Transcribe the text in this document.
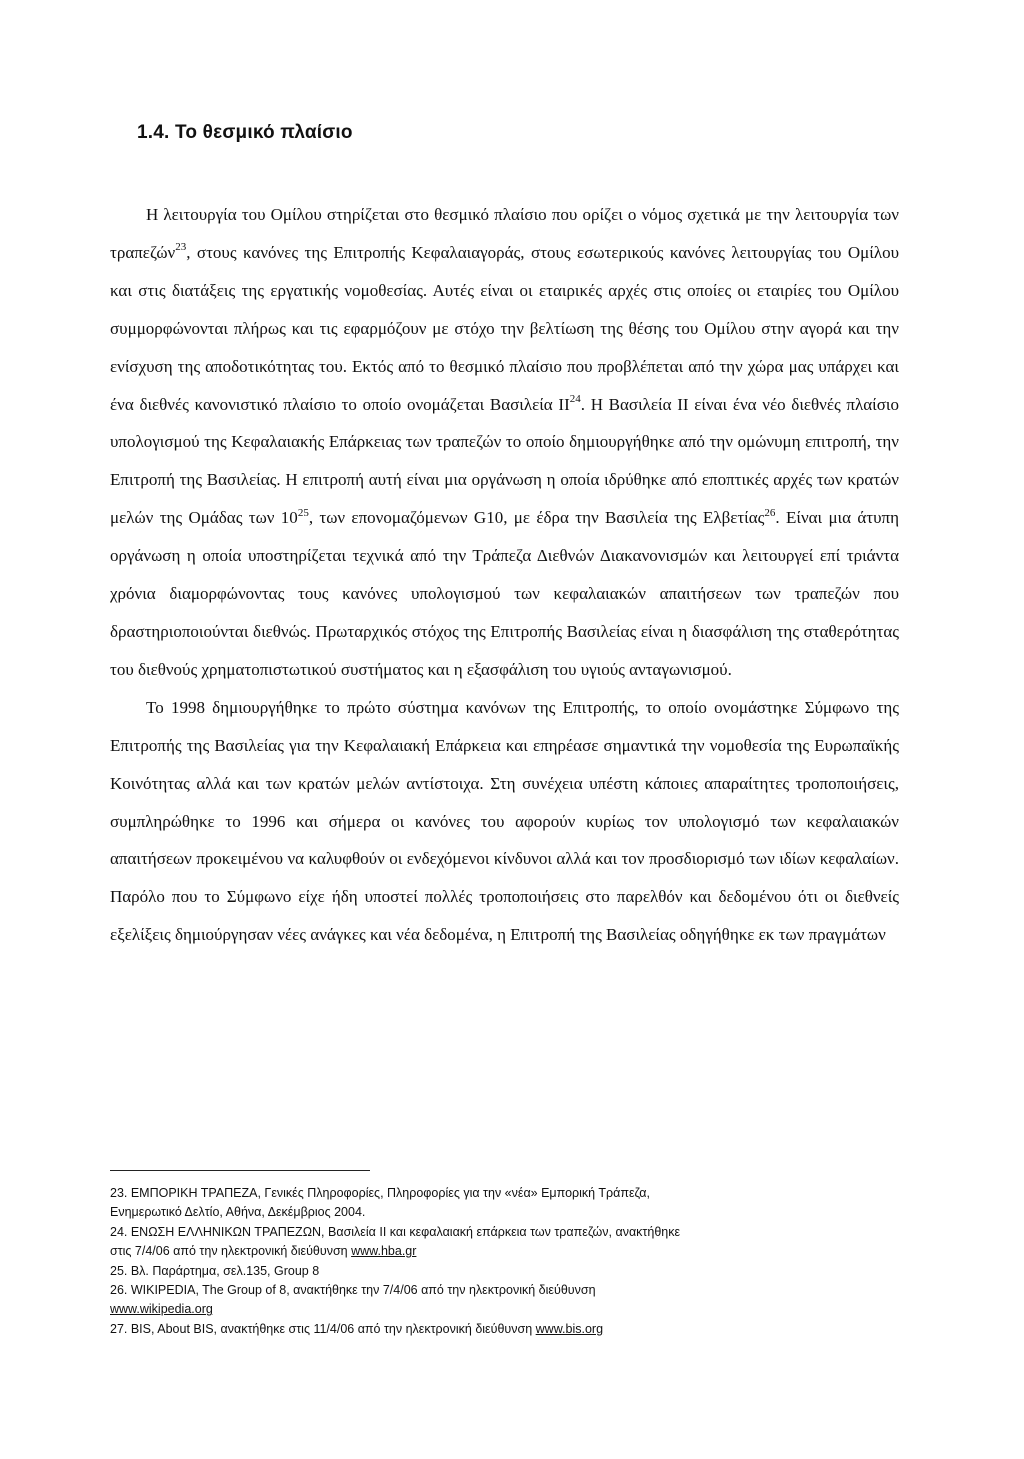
1.4. Το θεσμικό πλαίσιο

Η λειτουργία του Ομίλου στηρίζεται στο θεσμικό πλαίσιο που ορίζει ο νόμος σχετικά με την λειτουργία των τραπεζών$^{23}$, στους κανόνες της Επιτροπής Κεφαλαιαγοράς, στους εσωτερικούς κανόνες λειτουργίας του Ομίλου και στις διατάξεις της εργατικής νομοθεσίας. Αυτές είναι οι εταιρικές αρχές στις οποίες οι εταιρίες του Ομίλου συμμορφώνονται πλήρως και τις εφαρμόζουν με στόχο την βελτίωση της θέσης του Ομίλου στην αγορά και την ενίσχυση της αποδοτικότητας του. Εκτός από το θεσμικό πλαίσιο που προβλέπεται από την χώρα μας υπάρχει και ένα διεθνές κανονιστικό πλαίσιο το οποίο ονομάζεται Βασιλεία II$^{24}$. Η Βασιλεία II είναι ένα νέο διεθνές πλαίσιο υπολογισμού της Κεφαλαιακής Επάρκειας των τραπεζών το οποίο δημιουργήθηκε από την ομώνυμη επιτροπή, την Επιτροπή της Βασιλείας. Η επιτροπή αυτή είναι μια οργάνωση η οποία ιδρύθηκε από εποπτικές αρχές των κρατών μελών της Ομάδας των $10^{25}$, των επονομαζόμενων G10, με έδρα την Βασιλεία της Ελβετίας$^{26}$. Είναι μια άτυπη οργάνωση η οποία υποστηρίζεται τεχνικά από την Τράπεζα Διεθνών Διακανονισμών και λειτουργεί επί τριάντα χρόνια διαμορφώνοντας τους κανόνες υπολογισμού των κεφαλαιακών απαιτήσεων των τραπεζών που δραστηριοποιούνται διεθνώς. Πρωταρχικός στόχος της Επιτροπής Βασιλείας είναι η διασφάλιση της σταθερότητας του διεθνούς χρηματοπιστωτικού συστήματος και η εξασφάλιση του υγιούς ανταγωνισμού.

Το 1998 δημιουργήθηκε το πρώτο σύστημα κανόνων της Επιτροπής, το οποίο ονομάστηκε Σύμφωνο της Επιτροπής της Βασιλείας για την Κεφαλαιακή Επάρκεια και επηρέασε σημαντικά την νομοθεσία της Ευρωπαϊκής Κοινότητας αλλά και των κρατών μελών αντίστοιχα. Στη συνέχεια υπέστη κάποιες απαραίτητες τροποποιήσεις, συμπληρώθηκε το 1996 και σήμερα οι κανόνες του αφορούν κυρίως τον υπολογισμό των κεφαλαιακών απαιτήσεων προκειμένου να καλυφθούν οι ενδεχόμενοι κίνδυνοι αλλά και τον προσδιορισμό των ιδίων κεφαλαίων. Παρόλο που το Σύμφωνο είχε ήδη υποστεί πολλές τροποποιήσεις στο παρελθόν και δεδομένου ότι οι διεθνείς εξελίξεις δημιούργησαν νέες ανάγκες και νέα δεδομένα, η Επιτροπή της Βασιλείας οδηγήθηκε εκ των πραγμάτων

23. ΕΜΠΟΡΙΚΗ ΤΡΑΠΕΖΑ, Γενικές Πληροφορίες, Πληροφορίες για την «νέα» Εμπορική Τράπεζα,
Ενημερωτικό Δελτίο, Αθήνα, Δεκέμβριος 2004.
24. ΕΝΩΣΗ ΕΛΛΗΝΙΚΩΝ ΤΡΑΠΕΖΩΝ, Βασιλεία II και κεφαλαιακή επάρκεια των τραπεζών, ανακτήθηκε
στις 7/4/06 από την ηλεκτρονική διεύθυνση www.hba.gr
25. Βλ. Παράρτημα, σελ.135, Group 8
26. WIKIPEDIA, The Group of 8, ανακτήθηκε την 7/4/06 από την ηλεκτρονική διεύθυνση
www.wikipedia.org
27. BIS, About BIS, ανακτήθηκε στις 11/4/06 από την ηλεκτρονική διεύθυνση www.bis.org
